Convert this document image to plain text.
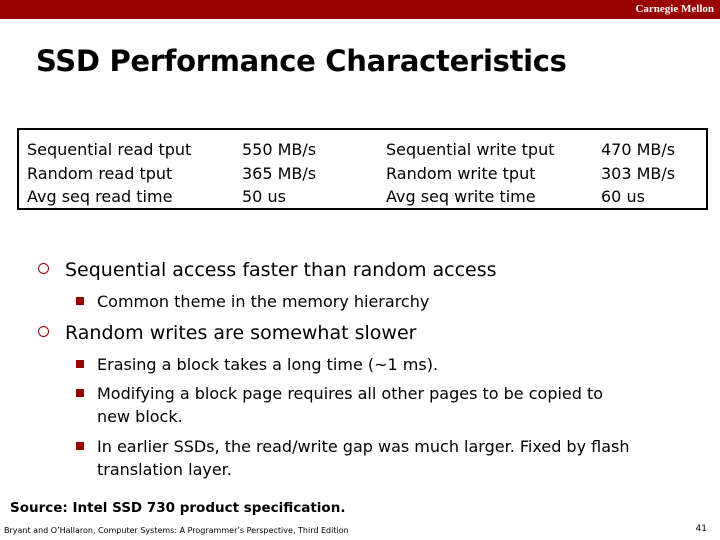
Carnegie Mellon
SSD Performance Characteristics
Sequential read tput
Random read tput
Avg seq read time
550 MB/s
365 MB/s
50 us
Sequential write tput
Random write tput
Avg seq write time
470 MB/s
303 MB/s
60 us
Sequential access faster than random access
Common theme in the memory hierarchy
Random writes are somewhat slower
Erasing a block takes a long time (~1 ms).
Modifying a block page requires all other pages to be copied to new block.
In earlier SSDs, the read/write gap was much larger. Fixed by flash translation layer.
Source: Intel SSD 730 product specification.
Bryant and O’Hallaron, Computer Systems: A Programmer’s Perspective, Third Edition	41
